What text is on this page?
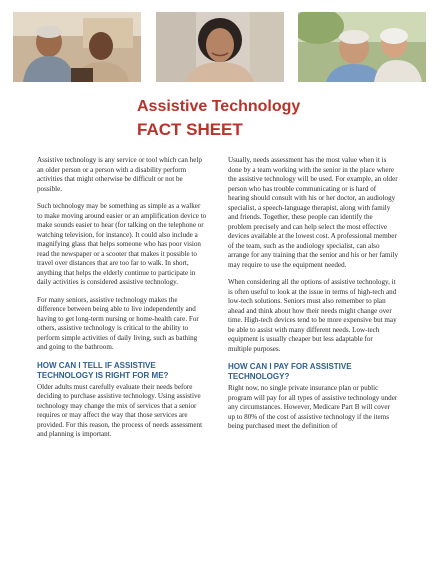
Assistive Technology
FACT SHEET

Assistive technology is any service or tool which can help an older person or a person with a disability perform activities that might otherwise be difficult or not be possible.

Such technology may be something as simple as a walker to make moving around easier or an amplification device to make sounds easier to hear (for talking on the telephone or watching television, for instance). It could also include a magnifying glass that helps someone who has poor vision read the newspaper or a scooter that makes it possible to travel over distances that are too far to walk. In short, anything that helps the elderly continue to participate in daily activities is considered assistive technology.

For many seniors, assistive technology makes the difference between being able to live independently and having to get long-term nursing or home-health care. For others, assistive technology is critical to the ability to perform simple activities of daily living, such as bathing and going to the bathroom.

HOW CAN I TELL IF ASSISTIVE TECHNOLOGY IS RIGHT FOR ME?

Older adults must carefully evaluate their needs before deciding to purchase assistive technology. Using assistive technology may change the mix of services that a senior requires or may affect the way that those services are provided. For this reason, the process of needs assessment and planning is important.

Usually, needs assessment has the most value when it is done by a team working with the senior in the place where the assistive technology will be used. For example, an older person who has trouble communicating or is hard of hearing should consult with his or her doctor, an audiology specialist, a speech-language therapist, along with family and friends. Together, these people can identify the problem precisely and can help select the most effective devices available at the lowest cost. A professional member of the team, such as the audiology specialist, can also arrange for any training that the senior and his or her family may require to use the equipment needed.

When considering all the options of assistive technology, it is often useful to look at the issue in terms of high-tech and low-tech solutions. Seniors must also remember to plan ahead and think about how their needs might change over time. High-tech devices tend to be more expensive but may be able to assist with many different needs. Low-tech equipment is usually cheaper but less adaptable for multiple purposes.

HOW CAN I PAY FOR ASSISTIVE TECHNOLOGY?

Right now, no single private insurance plan or public program will pay for all types of assistive technology under any circumstances. However, Medicare Part B will cover up to 80% of the cost of assistive technology if the items being purchased meet the definition of
